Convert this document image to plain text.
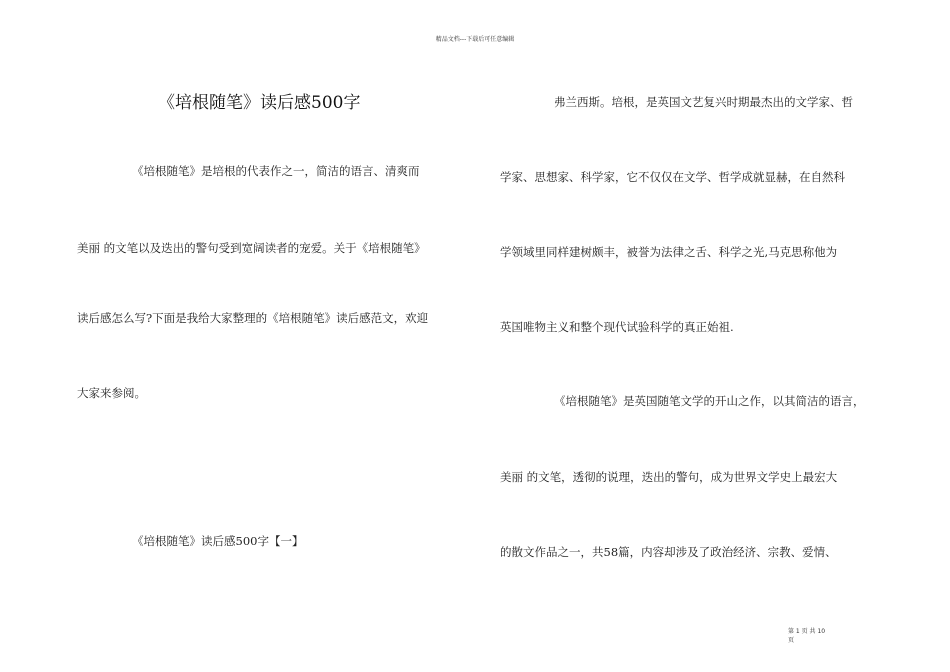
精品文档---下载后可任意编辑
《培根随笔》读后感500字
《培根随笔》是培根的代表作之一，简洁的语言、清爽而
美丽 的文笔以及迭出的警句受到宽阔读者的宠爱。关于《培根随笔》
读后感怎么写?下面是我给大家整理的《培根随笔》读后感范文，欢迎
大家来参阅。
《培根随笔》读后感500字【一】
弗兰西斯。培根，是英国文艺复兴时期最杰出的文学家、哲
学家、思想家、科学家，它不仅仅在文学、哲学成就显赫，在自然科
学领域里同样建树颇丰，被誉为法律之舌、科学之光,马克思称他为
英国唯物主义和整个现代试验科学的真正始祖.
《培根随笔》是英国随笔文学的开山之作，以其简洁的语言，
美丽 的文笔，透彻的说理，迭出的警句，成为世界文学史上最宏大
的散文作品之一，共58篇，内容却涉及了政治经济、宗教、爱情、
第 1 页 共 10 页
